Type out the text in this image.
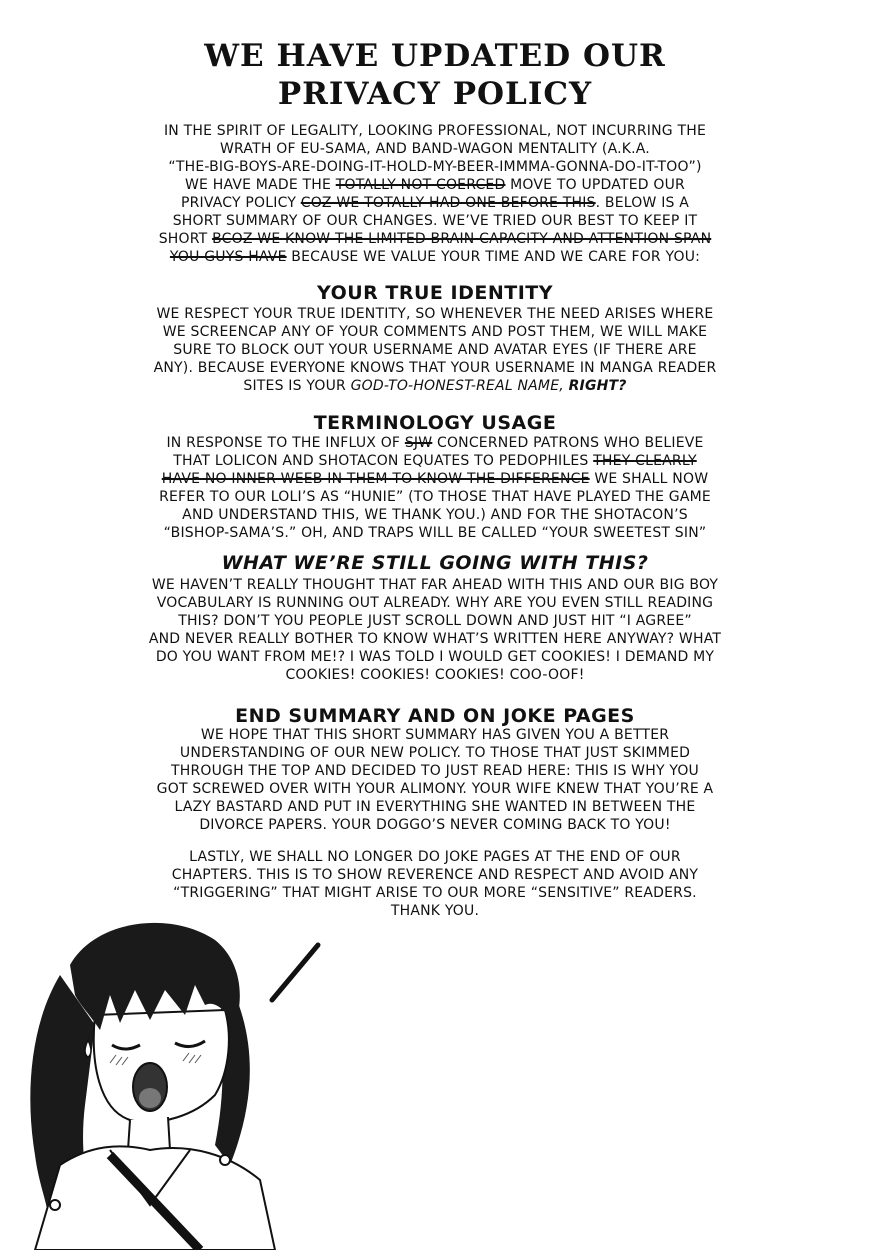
WE HAVE UPDATED OUR
PRIVACY POLICY
IN THE SPIRIT OF LEGALITY, LOOKING PROFESSIONAL, NOT INCURRING THE
WRATH OF EU-SAMA, AND BAND-WAGON MENTALITY (A.K.A.
“THE-BIG-BOYS-ARE-DOING-IT-HOLD-MY-BEER-IMMMA-GONNA-DO-IT-TOO”)
WE HAVE MADE THE TOTALLY NOT COERCED MOVE TO UPDATED OUR
PRIVACY POLICY COZ WE TOTALLY HAD ONE BEFORE THIS. BELOW IS A
SHORT SUMMARY OF OUR CHANGES. WE’VE TRIED OUR BEST TO KEEP IT
SHORT BCOZ WE KNOW THE LIMITED BRAIN CAPACITY AND ATTENTION SPAN
YOU GUYS HAVE BECAUSE WE VALUE YOUR TIME AND WE CARE FOR YOU:
YOUR TRUE IDENTITY
WE RESPECT YOUR TRUE IDENTITY, SO WHENEVER THE NEED ARISES WHERE
WE SCREENCAP ANY OF YOUR COMMENTS AND POST THEM, WE WILL MAKE
SURE TO BLOCK OUT YOUR USERNAME AND AVATAR EYES (IF THERE ARE
ANY). BECAUSE EVERYONE KNOWS THAT YOUR USERNAME IN MANGA READER
SITES IS YOUR GOD-TO-HONEST-REAL NAME, RIGHT?
TERMINOLOGY USAGE
IN RESPONSE TO THE INFLUX OF SJW CONCERNED PATRONS WHO BELIEVE
THAT LOLICON AND SHOTACON EQUATES TO PEDOPHILES THEY CLEARLY
HAVE NO INNER WEEB IN THEM TO KNOW THE DIFFERENCE WE SHALL NOW
REFER TO OUR LOLI’S AS “HUNIE” (TO THOSE THAT HAVE PLAYED THE GAME
AND UNDERSTAND THIS, WE THANK YOU.) AND FOR THE SHOTACON’S
“BISHOP-SAMA’S.” OH, AND TRAPS WILL BE CALLED “YOUR SWEETEST SIN”
WHAT WE’RE STILL GOING WITH THIS?
WE HAVEN’T REALLY THOUGHT THAT FAR AHEAD WITH THIS AND OUR BIG BOY
VOCABULARY IS RUNNING OUT ALREADY. WHY ARE YOU EVEN STILL READING
THIS? DON’T YOU PEOPLE JUST SCROLL DOWN AND JUST HIT “I AGREE”
AND NEVER REALLY BOTHER TO KNOW WHAT’S WRITTEN HERE ANYWAY? WHAT
DO YOU WANT FROM ME!? I WAS TOLD I WOULD GET COOKIES! I DEMAND MY
COOKIES! COOKIES! COOKIES! COO-OOF!
END SUMMARY AND ON JOKE PAGES
WE HOPE THAT THIS SHORT SUMMARY HAS GIVEN YOU A BETTER
UNDERSTANDING OF OUR NEW POLICY. TO THOSE THAT JUST SKIMMED
THROUGH THE TOP AND DECIDED TO JUST READ HERE: THIS IS WHY YOU
GOT SCREWED OVER WITH YOUR ALIMONY. YOUR WIFE KNEW THAT YOU’RE A
LAZY BASTARD AND PUT IN EVERYTHING SHE WANTED IN BETWEEN THE
DIVORCE PAPERS. YOUR DOGGO’S NEVER COMING BACK TO YOU!
LASTLY, WE SHALL NO LONGER DO JOKE PAGES AT THE END OF OUR
CHAPTERS. THIS IS TO SHOW REVERENCE AND RESPECT AND AVOID ANY
“TRIGGERING” THAT MIGHT ARISE TO OUR MORE “SENSITIVE” READERS.
THANK YOU.
